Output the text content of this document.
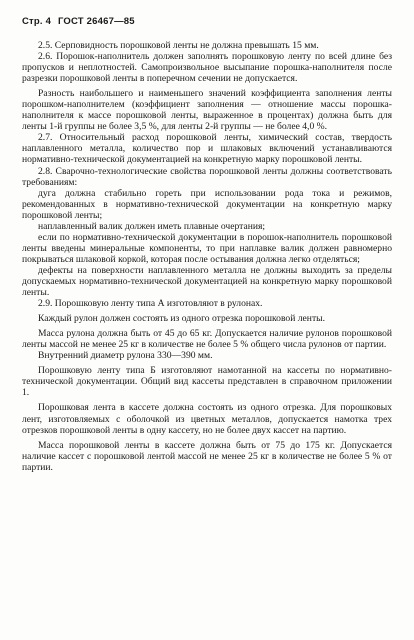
Стр. 4 ГОСТ 26467—85

2.5. Серповидность порошковой ленты не должна превышать 15 мм.

2.6. Порошок-наполнитель должен заполнять порошковую ленту по всей длине без пропусков и неплотностей. Самопроизвольное высыпание порошка-наполнителя после разрезки порошковой ленты в поперечном сечении не допускается.

Разность наибольшего и наименьшего значений коэффициента заполнения ленты порошком-наполнителем (коэффициент заполнения — отношение массы порошка-наполнителя к массе порошковой ленты, выраженное в процентах) должна быть для ленты 1-й группы не более 3,5 %, для ленты 2-й группы — не более 4,0 %.

2.7. Относительный расход порошковой ленты, химический состав, твердость наплавленного металла, количество пор и шлаковых включений устанавливаются нормативно-технической документацией на конкретную марку порошковой ленты.

2.8. Сварочно-технологические свойства порошковой ленты должны соответствовать требованиям:

дуга должна стабильно гореть при использовании рода тока и режимов, рекомендованных в нормативно-технической документации на конкретную марку порошковой ленты;

наплавленный валик должен иметь плавные очертания;

если по нормативно-технической документации в порошок-наполнитель порошковой ленты введены минеральные компоненты, то при наплавке валик должен равномерно покрываться шлаковой коркой, которая после остывания должна легко отделяться;

дефекты на поверхности наплавленного металла не должны выходить за пределы допускаемых нормативно-технической документацией на конкретную марку порошковой ленты.

2.9. Порошковую ленту типа А изготовляют в рулонах.

Каждый рулон должен состоять из одного отрезка порошковой ленты.

Масса рулона должна быть от 45 до 65 кг. Допускается наличие рулонов порошковой ленты массой не менее 25 кг в количестве не более 5 % общего числа рулонов от партии.

Внутренний диаметр рулона 330—390 мм.

Порошковую ленту типа Б изготовляют намотанной на кассеты по нормативно-технической документации. Общий вид кассеты представлен в справочном приложении 1.

Порошковая лента в кассете должна состоять из одного отрезка. Для порошковых лент, изготовляемых с оболочкой из цветных металлов, допускается намотка трех отрезков порошковой ленты в одну кассету, но не более двух кассет на партию.

Масса порошковой ленты в кассете должна быть от 75 до 175 кг. Допускается наличие кассет с порошковой лентой массой не менее 25 кг в количестве не более 5 % от партии.
